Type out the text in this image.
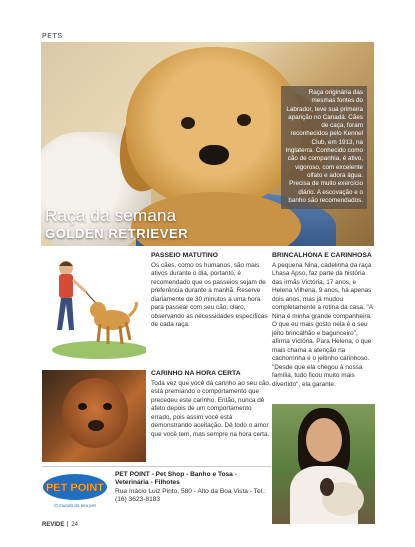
PETS
Raça da semana
GOLDEN RETRIEVER
Raça originária das mesmas fontes do Labrador, teve sua primeira aparição no Canadá. Cães de caça, foram reconhecidos pelo Kennel Club, em 1913, na Inglaterra. Conhecido como cão de companhia, é ativo, vigoroso, com excelente olfato e adora água. Precisa de muito exercício diário. A escovação e o banho são recomendados.
PASSEIO MATUTINO

Os cães, como os humanos, são mais ativos durante o dia, portanto, é recomendado que os passeios sejam de preferência durante a manhã. Reserve diariamente de 30 minutos a uma hora para passear com seu cão, claro, observando as necessidades específicas de cada raça.

CARINHO NA HORA CERTA

Toda vez que você dá carinho ao seu cão, está premiando o comportamento que precedeu este carinho. Então, nunca dê afeto depois de um comportamento errado, pois assim você está demonstrando aceitação. Dê todo o amor que você tem, mas sempre na hora certa.

BRINCALHONA E CARINHOSA

A pequena Nina, cadelinha da raça Lhasa Apso, faz parte da história das irmãs Victória, 17 anos, e Helena Vilhena, 9 anos, há apenas dois anos, mas já mudou completamente a rotina da casa. "A Nina é minha grande companheira. O que eu mais gosto nela é o seu jeito brincalhão e bagunceiro", afirma Victória. Para Helena, o que mais chama a atenção na cachorrinha é o jeitinho carinhoso. "Desde que ela chegou à nossa família, tudo ficou muito mais divertido", ela garante.

PET POINT
O mundo do seu pet
PET POINT - Pet Shop - Banho e Tosa - Veterinária - Filhotes
Rua Inácio Luiz Pinto, 580 - Alto da Boa Vista - Tel.: (16) 3623-8183
REVIDE 24
